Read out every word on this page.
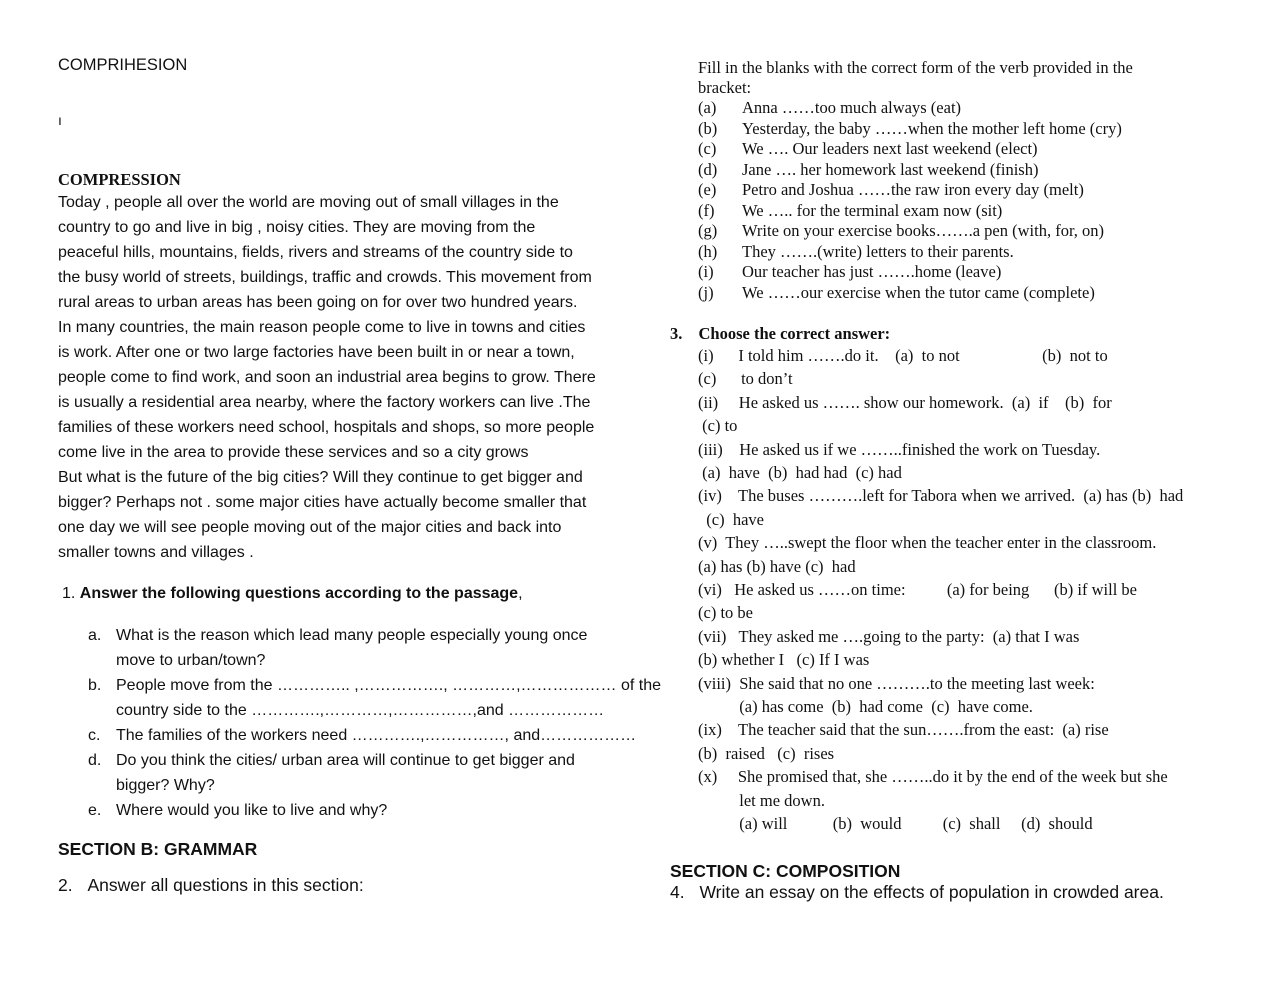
COMPRIHESION
ı
COMPRESSION
Today , people all over the world are moving out of small villages in the
country to go and live in big , noisy cities. They are moving from the
peaceful hills, mountains, fields, rivers and streams of the country side to
the busy world of streets, buildings, traffic and crowds. This movement from
rural areas to urban areas has been going on for over two hundred years.
In many countries, the main reason people come to live in towns and cities
is work. After one or two large factories have been built in or near a town,
people come to find work, and soon an industrial area begins to grow. There
is usually a residential area nearby, where the factory workers can live .The
families of these workers need school, hospitals and shops, so more people
come live in the area to provide these services and so a city grows
But what is the future of the big cities? Will they continue to get bigger and
bigger? Perhaps not . some major cities have actually become smaller that
one day we will see people moving out of the major cities and back into
smaller towns and villages .
1. Answer the following questions according to the passage,
a. What is the reason which lead many people especially young once
move to urban/town?
b. People move from the ………….. ,……………., …………,……………… of the
country side to the ………….,…………,……………,and ………………
c. The families of the workers need ………….,……………, and………………
d. Do you think the cities/ urban area will continue to get bigger and
bigger? Why?
e. Where would you like to live and why?
SECTION B: GRAMMAR
2. Answer all questions in this section:
Fill in the blanks with the correct form of the verb provided in the
bracket:
(a) Anna ……too much always (eat)
(b) Yesterday, the baby ……when the mother left home (cry)
(c) We …. Our leaders next last weekend (elect)
(d) Jane …. her homework last weekend (finish)
(e) Petro and Joshua ……the raw iron every day (melt)
(f) We ….. for the terminal exam now (sit)
(g) Write on your exercise books…….a pen (with, for, on)
(h) They …….(write) letters to their parents.
(i) Our teacher has just …….home (leave)
(j) We ……our exercise when the tutor came (complete)
3. Choose the correct answer:
(i)      I told him …….do it.    (a)  to not                    (b)  not to
(c)      to don’t
(ii)     He asked us ……. show our homework.  (a)  if    (b)  for
(c) to
(iii)    He asked us if we ……..finished the work on Tuesday.
(a)  have  (b)  had had  (c) had
(iv)    The buses ……….left for Tabora when we arrived.  (a) has (b)  had
(c)  have
(v)  They …..swept the floor when the teacher enter in the classroom.
(a) has (b) have (c)  had
(vi)   He asked us ……on time:          (a) for being      (b) if will be
(c) to be
(vii)   They asked me ….going to the party:  (a) that I was
(b) whether I   (c) If I was
(viii)  She said that no one ……….to the meeting last week:
(a) has come  (b)  had come  (c)  have come.
(ix)    The teacher said that the sun…….from the east:  (a) rise
(b)  raised   (c)  rises
(x)     She promised that, she ……..do it by the end of the week but she
let me down.
(a) will           (b)  would          (c)  shall     (d)  should
SECTION C: COMPOSITION
4. Write an essay on the effects of population in crowded area.
